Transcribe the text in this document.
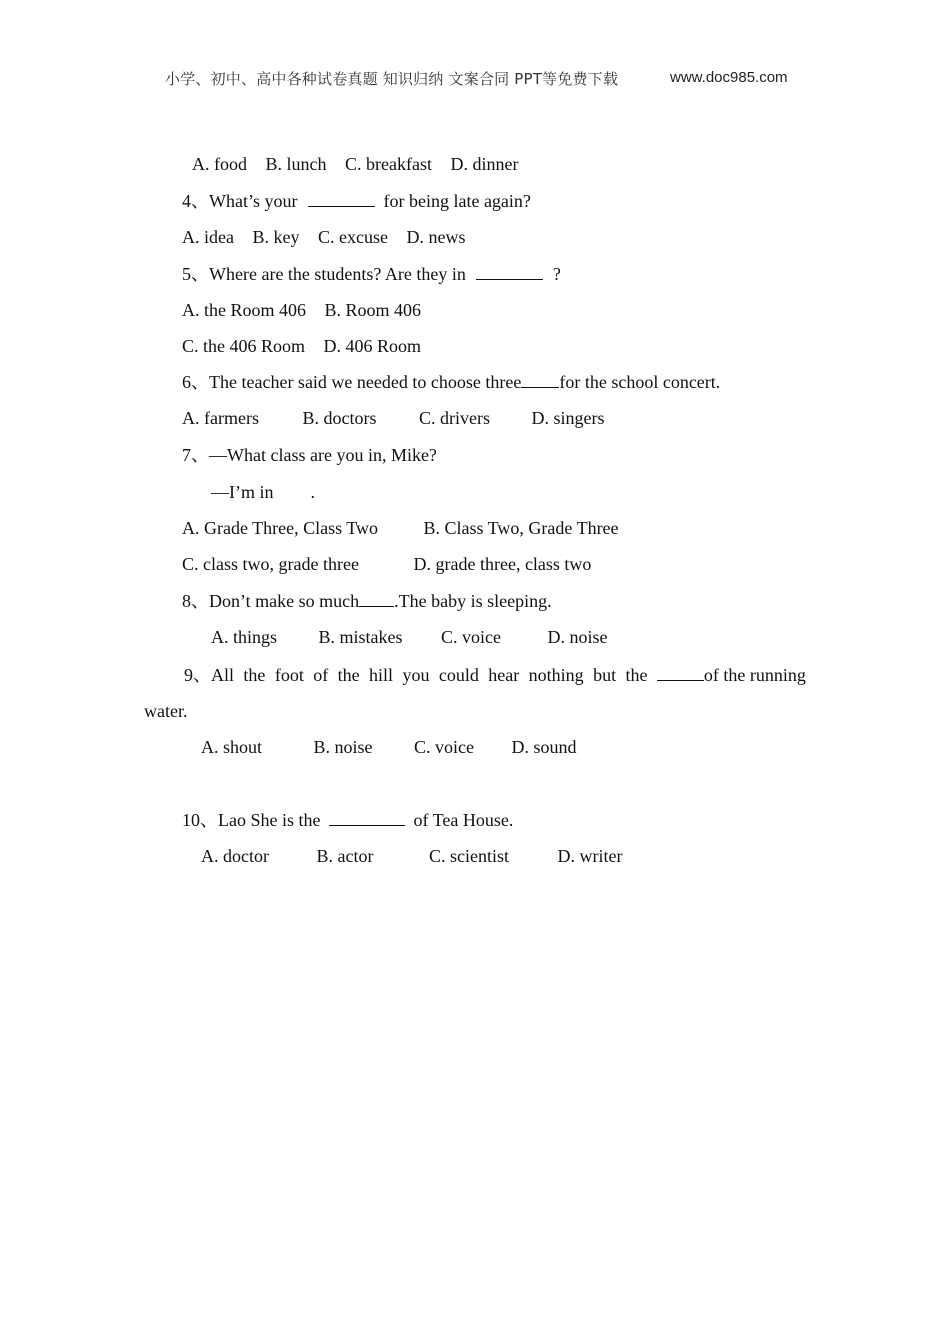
小学、初中、高中各种试卷真题 知识归纳 文案合同 PPT等免费下载	www.doc985.com
A. food B. lunch C. breakfast D. dinner
4、What’s your	for being late again?
A. idea B. key C. excuse D. news
5、Where are the students? Are they in	?
A. the Room 406 B. Room 406
C. the 406 Room D. 406 Room
6、The teacher said we needed to choose three for the school concert.
A. farmers B. doctors C. drivers D. singers
7、—What class are you in, Mike?
—I’m in .
A. Grade Three, Class Two	B. Class Two, Grade Three
C. class two, grade three	D. grade three, class two
8、Don’t make so much .The baby is sleeping.
A. things B. mistakes C. voice	D. noise
9、All the foot of the hill you could hear nothing but the	of the running
water.
A. shout	B. noise C. voice D. sound
10、Lao She is the	of Tea House.
A. doctor	B. actor	C. scientist	D. writer
